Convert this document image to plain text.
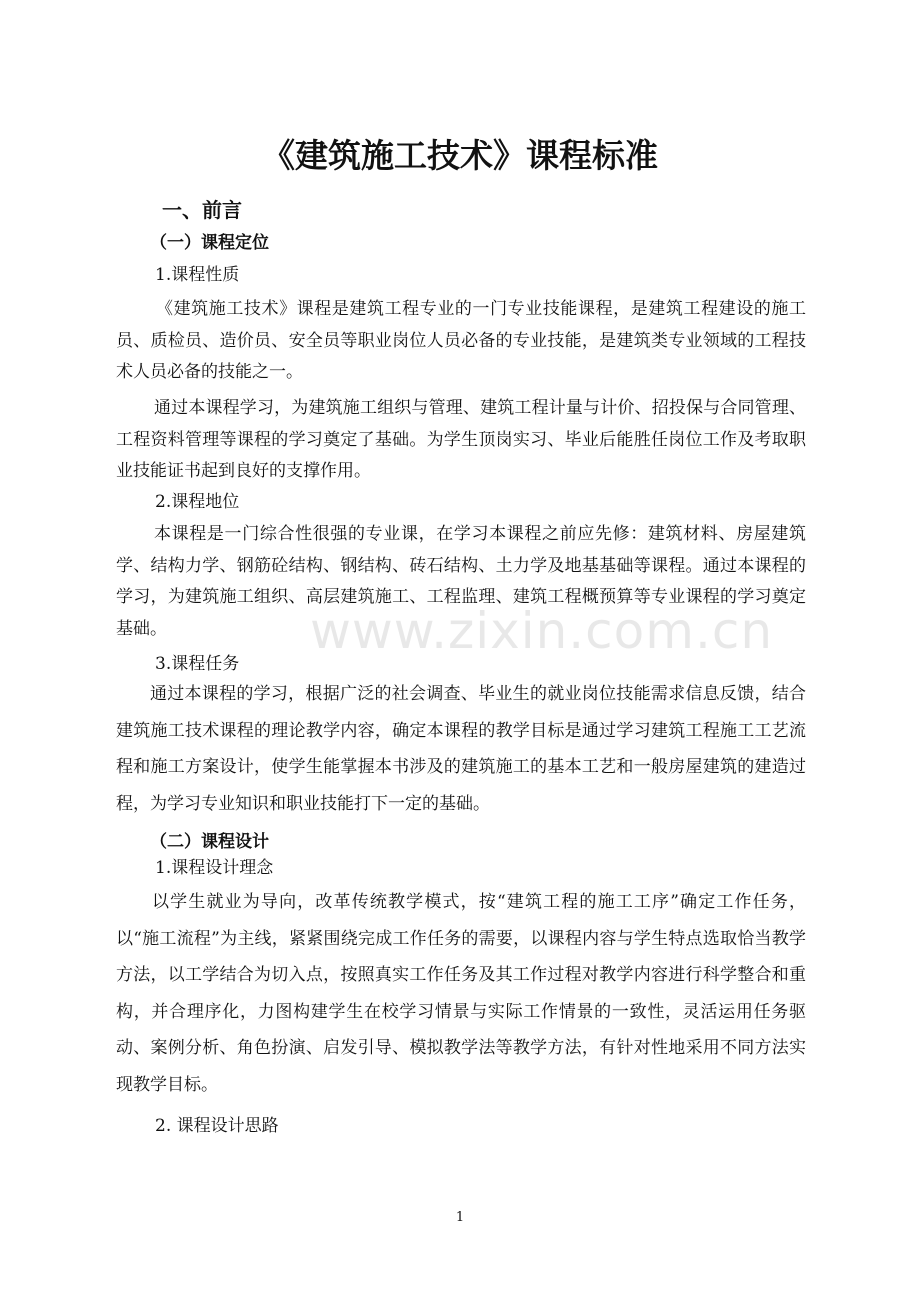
《建筑施工技术》课程标准
一、前言
（一）课程定位
1.课程性质
《建筑施工技术》课程是建筑工程专业的一门专业技能课程，是建筑工程建设的施工员、质检员、造价员、安全员等职业岗位人员必备的专业技能，是建筑类专业领域的工程技术人员必备的技能之一。
通过本课程学习，为建筑施工组织与管理、建筑工程计量与计价、招投保与合同管理、工程资料管理等课程的学习奠定了基础。为学生顶岗实习、毕业后能胜任岗位工作及考取职业技能证书起到良好的支撑作用。
2.课程地位
本课程是一门综合性很强的专业课，在学习本课程之前应先修：建筑材料、房屋建筑学、结构力学、钢筋砼结构、钢结构、砖石结构、土力学及地基基础等课程。通过本课程的学习，为建筑施工组织、高层建筑施工、工程监理、建筑工程概预算等专业课程的学习奠定基础。
3.课程任务
通过本课程的学习，根据广泛的社会调查、毕业生的就业岗位技能需求信息反馈，结合建筑施工技术课程的理论教学内容，确定本课程的教学目标是通过学习建筑工程施工工艺流程和施工方案设计，使学生能掌握本书涉及的建筑施工的基本工艺和一般房屋建筑的建造过程，为学习专业知识和职业技能打下一定的基础。
（二）课程设计
1.课程设计理念
以学生就业为导向，改革传统教学模式，按“建筑工程的施工工序”确定工作任务，以“施工流程”为主线，紧紧围绕完成工作任务的需要，以课程内容与学生特点选取恰当教学方法，以工学结合为切入点，按照真实工作任务及其工作过程对教学内容进行科学整合和重构，并合理序化，力图构建学生在校学习情景与实际工作情景的一致性，灵活运用任务驱动、案例分析、角色扮演、启发引导、模拟教学法等教学方法，有针对性地采用不同方法实现教学目标。
2. 课程设计思路
www.zixin.com.cn
1
